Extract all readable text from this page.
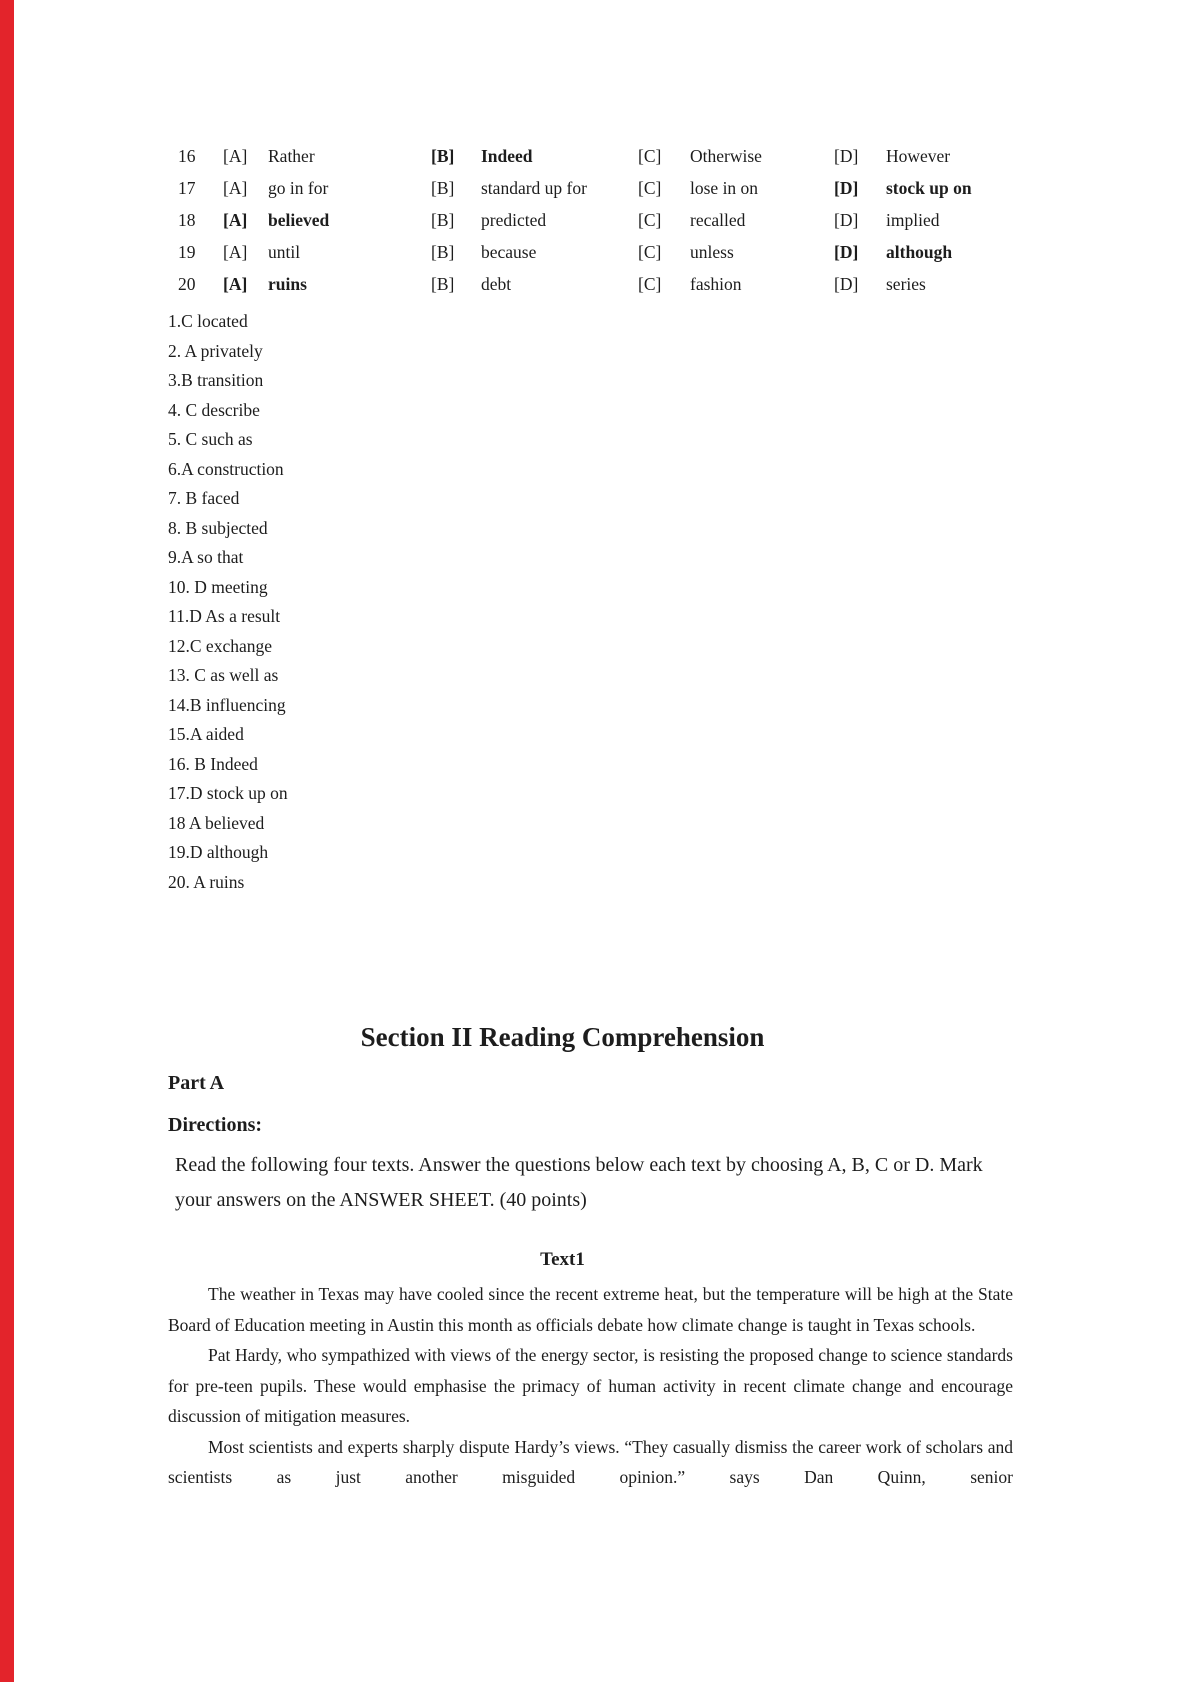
16 [A] Rather	[B] Indeed	[C] Otherwise	[D] However
17 [A] go in for	[B] standard up for	[C] lose in on	[D] stock up on
18 [A] believed	[B] predicted	[C] recalled	[D] implied
19 [A] until	[B] because	[C] unless	[D] although
20 [A] ruins	[B] debt	[C] fashion	[D] series
1.C located
2. A privately
3.B transition
4. C describe
5. C such as
6.A construction
7. B faced
8. B subjected
9.A so that
10. D meeting
11.D As a result
12.C exchange
13. C as well as
14.B influencing
15.A aided
16. B Indeed
17.D stock up on
18 A believed
19.D although
20. A ruins
Section II Reading Comprehension
Part A
Directions:
Read the following four texts. Answer the questions below each text by choosing A, B, C or D. Mark your answers on the ANSWER SHEET. (40 points)
Text1

The weather in Texas may have cooled since the recent extreme heat, but the temperature will be high at the State Board of Education meeting in Austin this month as officials debate how climate change is taught in Texas schools.

Pat Hardy, who sympathized with views of the energy sector, is resisting the proposed change to science standards for pre-teen pupils. These would emphasise the primacy of human activity in recent climate change and encourage discussion of mitigation measures.

Most scientists and experts sharply dispute Hardy’s views. “They casually dismiss the career work of scholars and scientists as just another misguided opinion.” says Dan Quinn, senior
